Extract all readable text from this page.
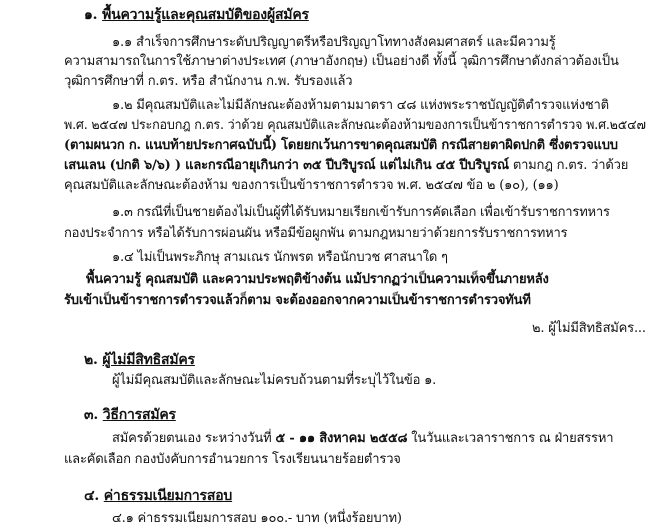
๑. พื้นความรู้และคุณสมบัติของผู้สมัคร
๑.๑ สำเร็จการศึกษาระดับปริญญาตรีหรือปริญญาโททางสังคมศาสตร์ และมีความรู้
ความสามารถในการใช้ภาษาต่างประเทศ (ภาษาอังกฤษ) เป็นอย่างดี ทั้งนี้ วุฒิการศึกษาดังกล่าวต้องเป็น
วุฒิการศึกษาที่ ก.ตร. หรือ สำนักงาน ก.พ. รับรองแล้ว
๑.๒ มีคุณสมบัติและไม่มีลักษณะต้องห้ามตามมาตรา ๔๘ แห่งพระราชบัญญัติตำรวจแห่งชาติ
พ.ศ. ๒๕๔๗ ประกอบกฎ ก.ตร. ว่าด้วย คุณสมบัติและลักษณะต้องห้ามของการเป็นข้าราชการตำรวจ พ.ศ.๒๕๔๗
(ตามผนวก ก. แนบท้ายประกาศฉบับนี้) โดยยกเว้นการขาดคุณสมบัติ กรณีสายตาผิดปกติ ซึ่งตรวจแบบ
เสนเลน (ปกติ ๖/๖) ) และกรณีอายุเกินกว่า ๓๕ ปีบริบูรณ์ แต่ไม่เกิน ๔๕ ปีบริบูรณ์ ตามกฎ ก.ตร. ว่าด้วย
คุณสมบัติและลักษณะต้องห้าม ของการเป็นข้าราชการตำรวจ พ.ศ. ๒๕๔๗ ข้อ ๒ (๑๐), (๑๑)
๑.๓ กรณีที่เป็นชายต้องไม่เป็นผู้ที่ได้รับหมายเรียกเข้ารับการคัดเลือก เพื่อเข้ารับราชการทหาร
กองประจำการ หรือได้รับการผ่อนผัน หรือมีข้อผูกพัน ตามกฎหมายว่าด้วยการรับราชการทหาร
๑.๔ ไม่เป็นพระภิกษุ สามเณร นักพรต หรือนักบวช ศาสนาใด ๆ
พื้นความรู้ คุณสมบัติ และความประพฤติข้างต้น แม้ปรากฏว่าเป็นความเท็จขึ้นภายหลัง
รับเข้าเป็นข้าราชการตำรวจแล้วก็ตาม จะต้องออกจากความเป็นข้าราชการตำรวจทันที
๒. ผู้ไม่มีสิทธิสมัคร...
๒. ผู้ไม่มีสิทธิสมัคร
ผู้ไม่มีคุณสมบัติและลักษณะไม่ครบถ้วนตามที่ระบุไว้ในข้อ ๑.
๓. วิธีการสมัคร
สมัครด้วยตนเอง ระหว่างวันที่ ๕ - ๑๑ สิงหาคม ๒๕๕๘ ในวันและเวลาราชการ ณ ฝ่ายสรรหา
และคัดเลือก กองบังคับการอำนวยการ โรงเรียนนายร้อยตำรวจ
๔. ค่าธรรมเนียมการสอบ
๔.๑ ค่าธรรมเนียมการสอบ ๑๐๐.- บาท (หนึ่งร้อยบาท)
